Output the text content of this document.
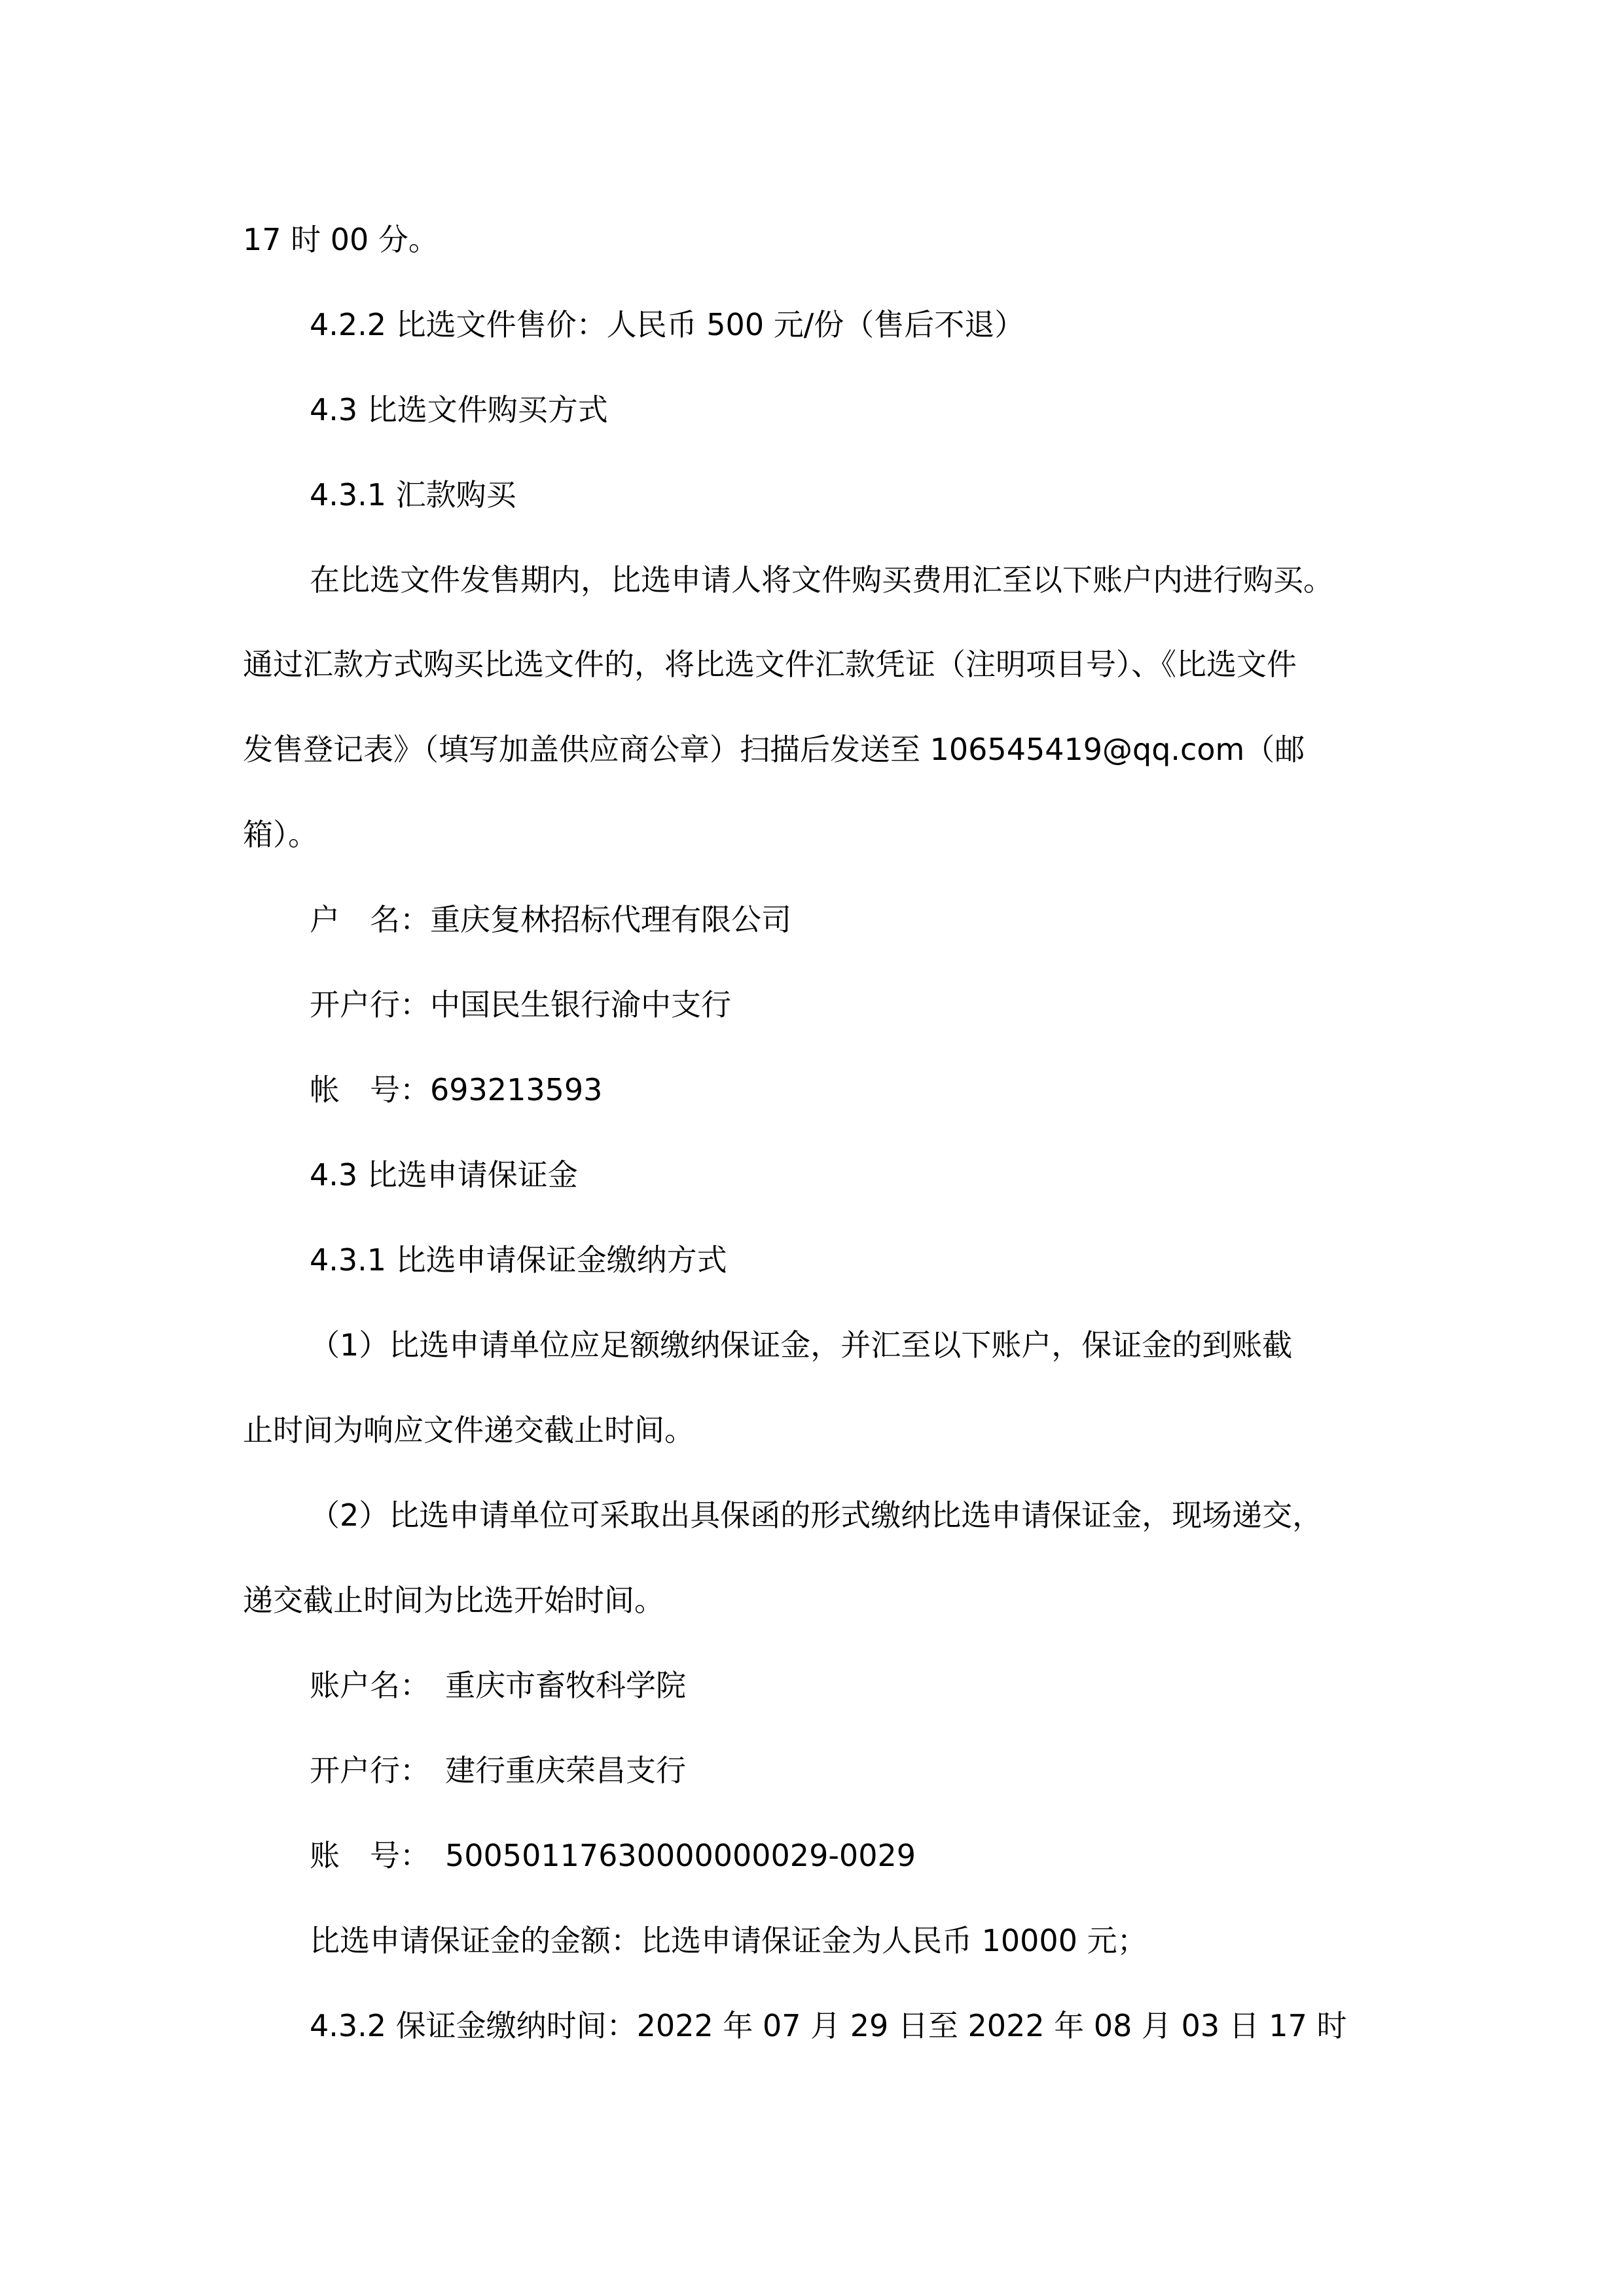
17 时 00 分。

4.2.2 比选文件售价：人民币 500 元/份（售后不退）

4.3 比选文件购买方式

4.3.1 汇款购买

在比选文件发售期内，比选申请人将文件购买费用汇至以下账户内进行购买。

通过汇款方式购买比选文件的，将比选文件汇款凭证（注明项目号）、《比选文件

发售登记表》（填写加盖供应商公章）扫描后发送至 106545419@qq.com（邮

箱）。

户　名：重庆复林招标代理有限公司

开户行：中国民生银行渝中支行

帐　号：693213593

4.3 比选申请保证金

4.3.1 比选申请保证金缴纳方式

（1）比选申请单位应足额缴纳保证金，并汇至以下账户，保证金的到账截

止时间为响应文件递交截止时间。

（2）比选申请单位可采取出具保函的形式缴纳比选申请保证金，现场递交，

递交截止时间为比选开始时间。

账户名：　重庆市畜牧科学院

开户行：　建行重庆荣昌支行

账　号：　50050117630000000029-0029

比选申请保证金的金额：比选申请保证金为人民币 10000 元；

4.3.2 保证金缴纳时间：2022 年 07 月 29 日至 2022 年 08 月 03 日 17 时
